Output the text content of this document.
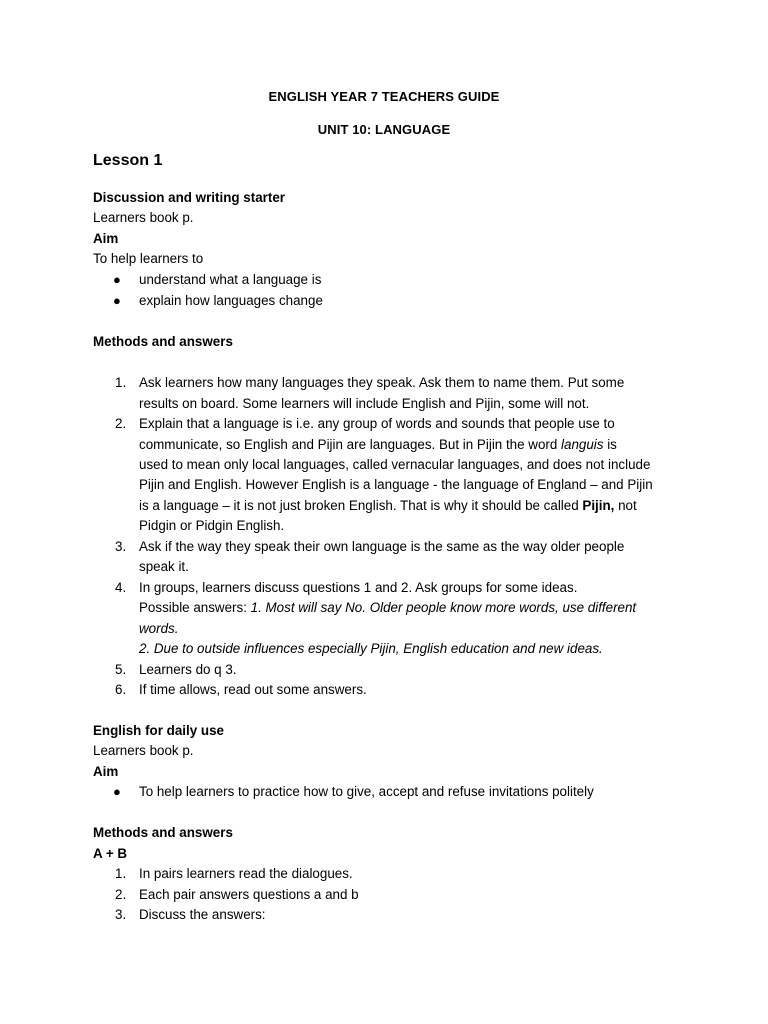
ENGLISH YEAR 7 TEACHERS GUIDE
UNIT 10: LANGUAGE
Lesson 1
Discussion and writing starter
Learners book p.
Aim
To help learners to
● understand what a language is
● explain how languages change
Methods and answers
1. Ask learners how many languages they speak. Ask them to name them. Put some
results on board. Some learners will include English and Pijin, some will not.
2. Explain that a language is i.e. any group of words and sounds that people use to
communicate, so English and Pijin are languages. But in Pijin the word languis is
used to mean only local languages, called vernacular languages, and does not include
Pijin and English. However English is a language - the language of England – and Pijin
is a language – it is not just broken English. That is why it should be called Pijin, not
Pidgin or Pidgin English.
3. Ask if the way they speak their own language is the same as the way older people
speak it.
4. In groups, learners discuss questions 1 and 2. Ask groups for some ideas.
Possible answers: 1. Most will say No. Older people know more words, use different
words.
2. Due to outside influences especially Pijin, English education and new ideas.
5. Learners do q 3.
6. If time allows, read out some answers.
English for daily use
Learners book p.
Aim
● To help learners to practice how to give, accept and refuse invitations politely
Methods and answers
A + B
1. In pairs learners read the dialogues.
2. Each pair answers questions a and b
3. Discuss the answers:
